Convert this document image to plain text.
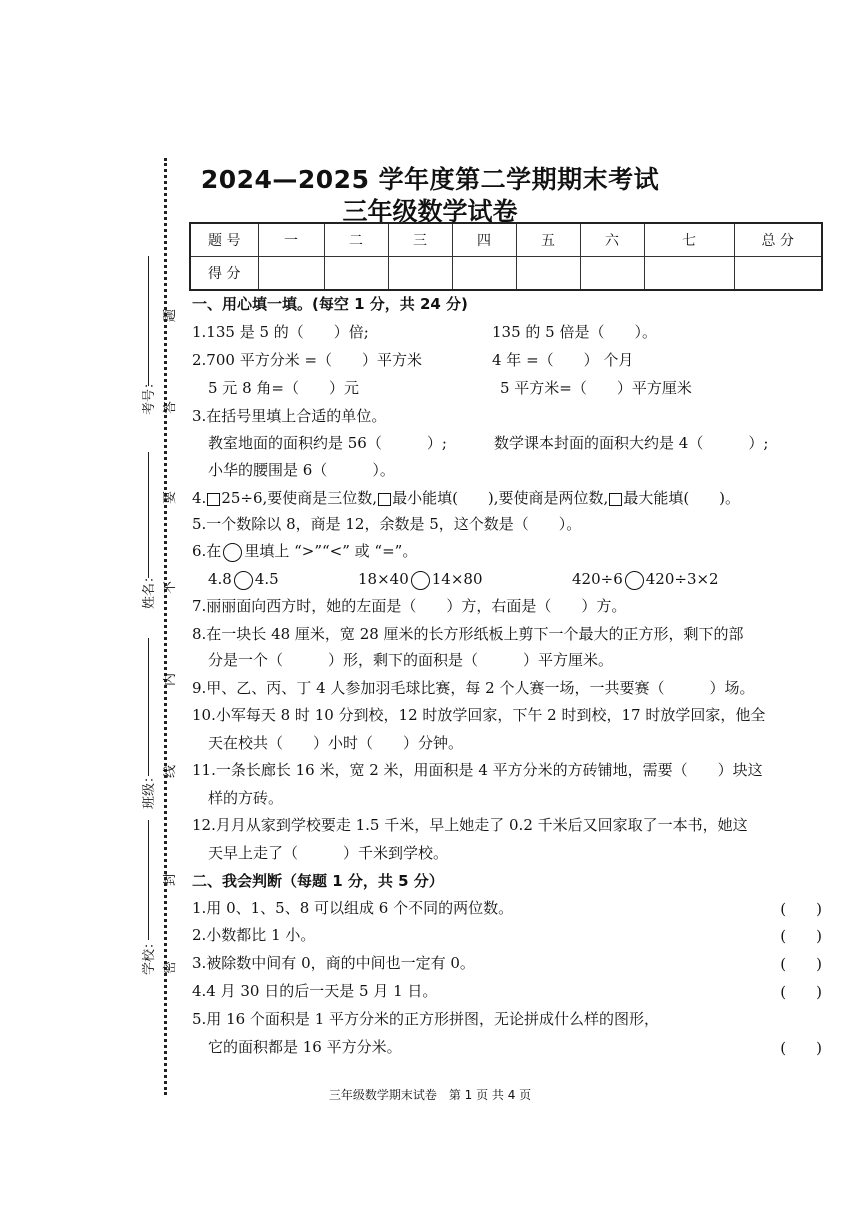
2024—2025 学年度第二学期期末考试
三年级数学试卷
题 号	一	二	三	四	五	六	七	总 分
得 分								
考号：
姓名：
班级：
学校：
题
答
要
不
内
线
封
密
一、用心填一填。(每空 1 分，共 24 分)
1.135 是 5 的（　　）倍;	135 的 5 倍是（　　）。
2.700 平方分米 =（　　）平方米	4 年 =（　　） 个月
5 元 8 角=（　　）元	5 平方米=（　　）平方厘米
3.在括号里填上合适的单位。
教室地面的面积约是 56（　　　）;	数学课本封面的面积大约是 4（　　　）;
小华的腰围是 6（　　　）。
4. 25÷6,要使商是三位数, 最小能填(　　),要使商是两位数, 最大能填(　　)。
5.一个数除以 8，商是 12，余数是 5，这个数是（　　）。
6.在 里填上 “>”“<” 或 “=”。
4.8 4.5	18×40 14×80	420÷6 420÷3×2
7.丽丽面向西方时，她的左面是（　　）方，右面是（　　）方。
8.在一块长 48 厘米，宽 28 厘米的长方形纸板上剪下一个最大的正方形，剩下的部
分是一个（　　　）形，剩下的面积是（　　　）平方厘米。
9.甲、乙、丙、丁 4 人参加羽毛球比赛，每 2 个人赛一场，一共要赛（　　　）场。
10.小军每天 8 时 10 分到校，12 时放学回家，下午 2 时到校，17 时放学回家，他全
天在校共（　　）小时（　　）分钟。
11.一条长廊长 16 米，宽 2 米，用面积是 4 平方分米的方砖铺地，需要（　　）块这
样的方砖。
12.月月从家到学校要走 1.5 千米，早上她走了 0.2 千米后又回家取了一本书，她这
天早上走了（　　　）千米到学校。
二、我会判断（每题 1 分，共 5 分）
1.用 0、1、5、8 可以组成 6 个不同的两位数。	(　　)
2.小数都比 1 小。	(　　)
3.被除数中间有 0，商的中间也一定有 0。	(　　)
4.4 月 30 日的后一天是 5 月 1 日。	(　　)
5.用 16 个面积是 1 平方分米的正方形拼图，无论拼成什么样的图形，
它的面积都是 16 平方分米。	(　　)
三年级数学期末试卷　第 1 页 共 4 页
